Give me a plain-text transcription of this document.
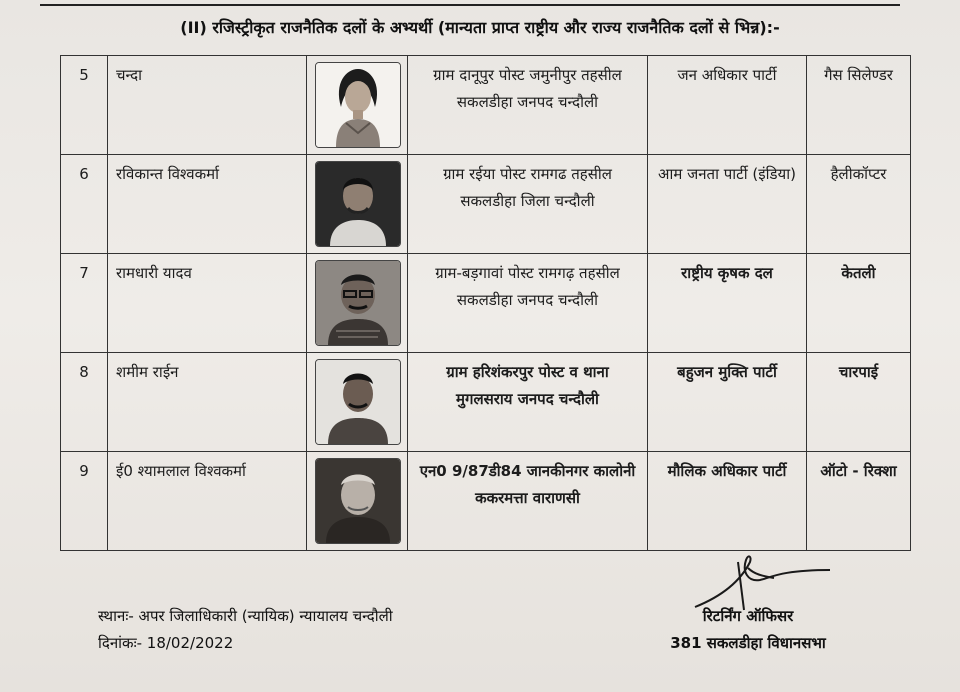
(II) रजिस्ट्रीकृत राजनैतिक दलों के अभ्यर्थी (मान्यता प्राप्त राष्ट्रीय और राज्य राजनैतिक दलों से भिन्न):-
5	चन्दा		ग्राम दानूपुर पोस्ट जमुनीपुर तहसील सकलडीहा जनपद चन्दौली	जन अधिकार पार्टी	गैस सिलेण्डर
6	रविकान्त विश्वकर्मा		ग्राम रईया पोस्ट रामगढ तहसील सकलडीहा जिला चन्दौली	आम जनता पार्टी (इंडिया)	हैलीकॉप्टर
7	रामधारी यादव		ग्राम-बड़गावां पोस्ट रामगढ़ तहसील सकलडीहा जनपद चन्दौली	राष्ट्रीय कृषक दल	केतली
8	शमीम राईन		ग्राम हरिशंकरपुर पोस्ट व थाना मुगलसराय जनपद चन्दौली	बहुजन मुक्ति पार्टी	चारपाई
9	ई0 श्यामलाल विश्वकर्मा		एन0 9/87डी84 जानकीनगर कालोनी ककरमत्ता वाराणसी	मौलिक अधिकार पार्टी	ऑटो - रिक्शा
स्थानः- अपर जिलाधिकारी (न्यायिक) न्यायालय चन्दौली
दिनांकः- 18/02/2022
रिटर्निंग ऑफिसर
381 सकलडीहा विधानसभा
